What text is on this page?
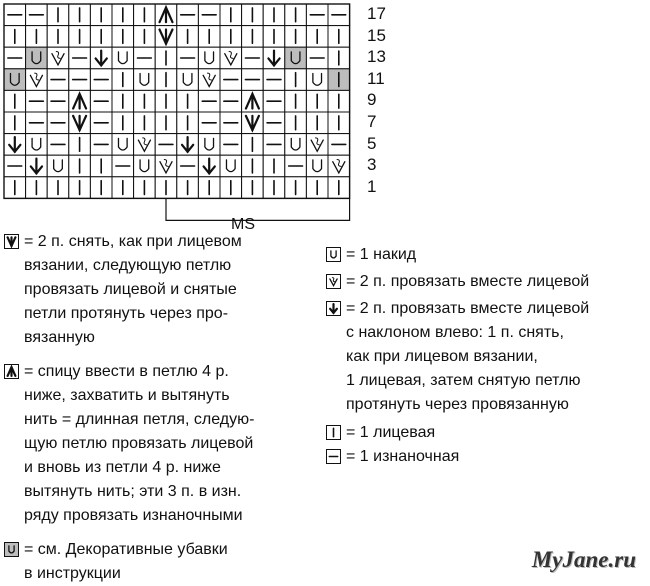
17
15
13
11
9
7
5
3
1
MS
= 2 п. снять, как при лицевом
вязании, следующую петлю
провязать лицевой и снятые
петли протянуть через про-
вязанную
= спицу ввести в петлю 4 р.
ниже, захватить и вытянуть
нить = длинная петля, следую-
щую петлю провязать лицевой
и вновь из петли 4 р. ниже
вытянуть нить; эти 3 п. в изн.
ряду провязать изнаночными
= см. Декоративные убавки
в инструкции
= 1 накид
= 2 п. провязать вместе лицевой
= 2 п. провязать вместе лицевой
с наклоном влево: 1 п. снять,
как при лицевом вязании,
1 лицевая, затем снятую петлю
протянуть через провязанную
= 1 лицевая
= 1 изнаночная
MyJane.ru
